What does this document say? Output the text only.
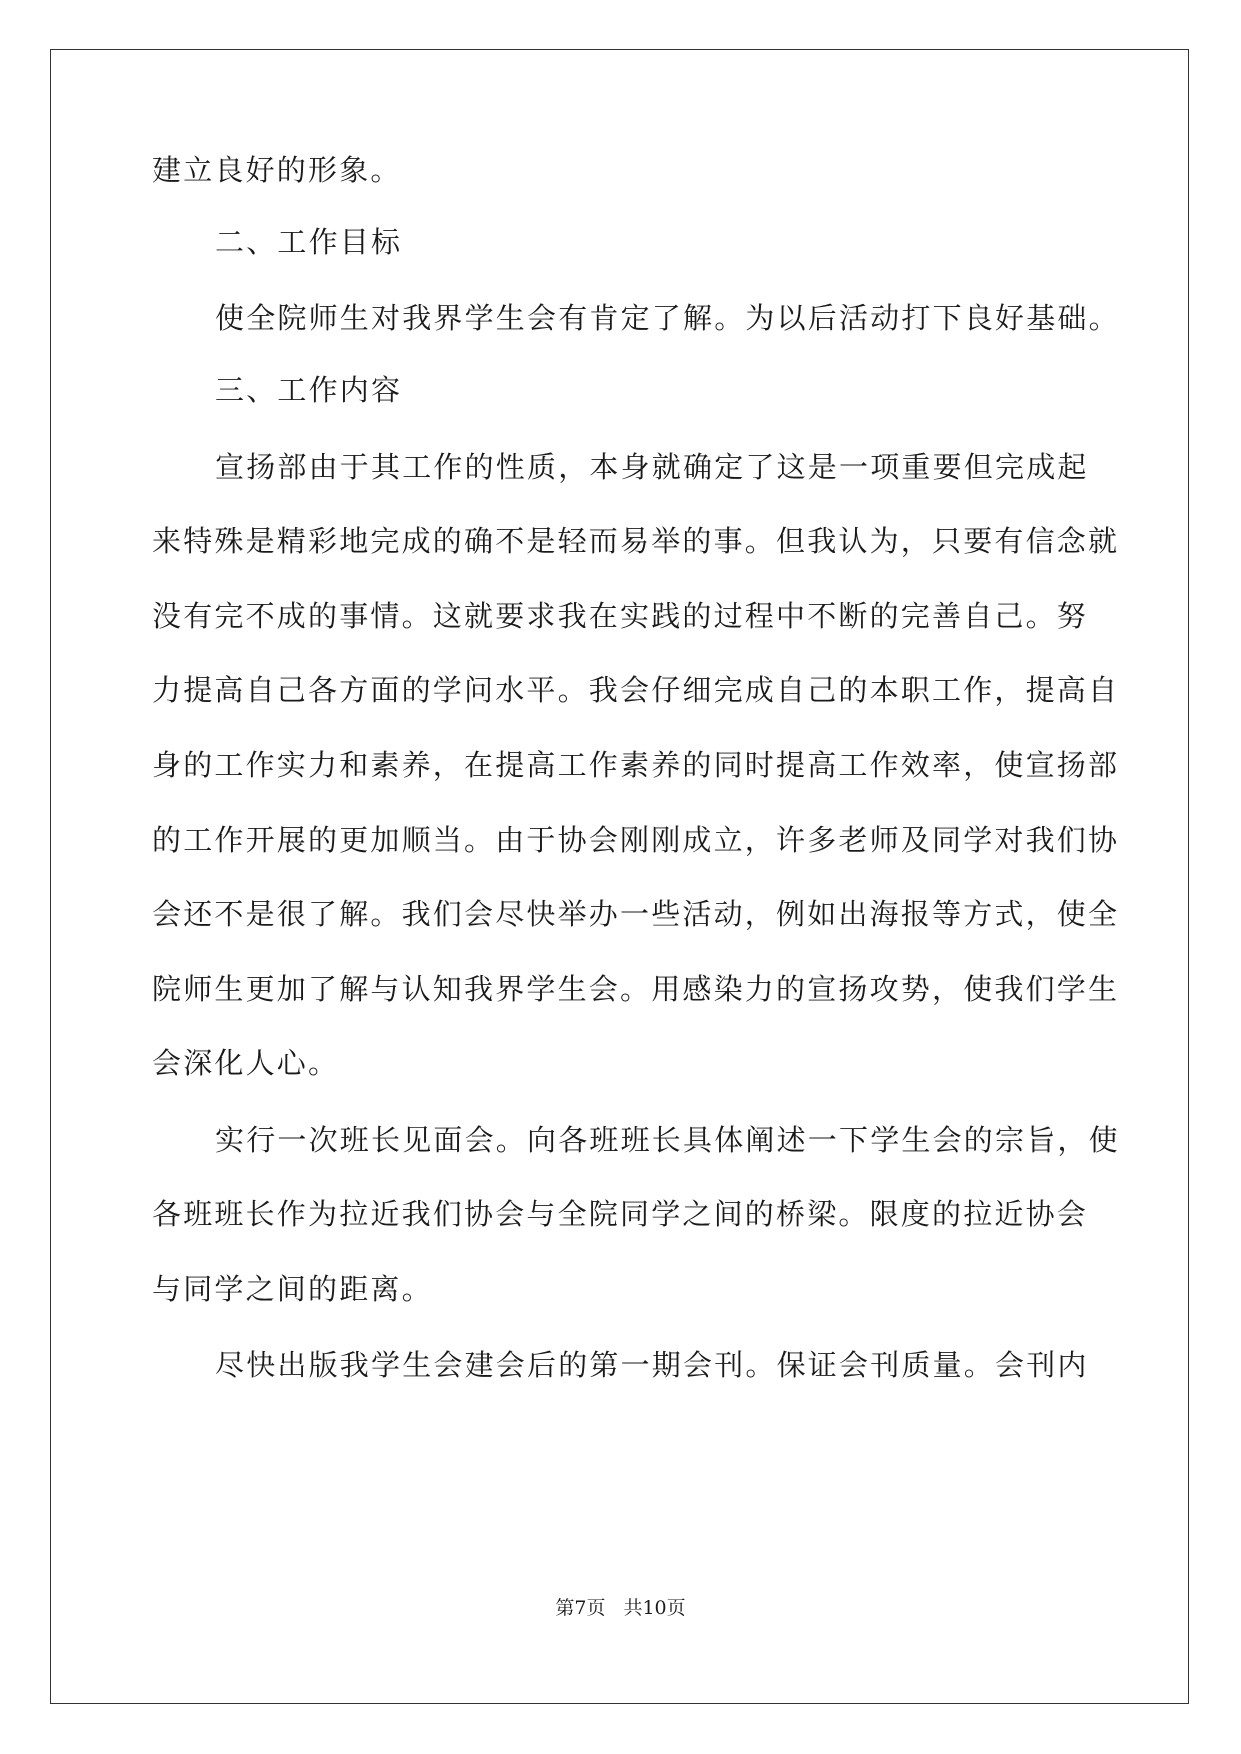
建立良好的形象。
二、工作目标
使全院师生对我界学生会有肯定了解。为以后活动打下良好基础。
三、工作内容
宣扬部由于其工作的性质，本身就确定了这是一项重要但完成起
来特殊是精彩地完成的确不是轻而易举的事。但我认为，只要有信念就
没有完不成的事情。这就要求我在实践的过程中不断的完善自己。努
力提高自己各方面的学问水平。我会仔细完成自己的本职工作，提高自
身的工作实力和素养，在提高工作素养的同时提高工作效率，使宣扬部
的工作开展的更加顺当。由于协会刚刚成立，许多老师及同学对我们协
会还不是很了解。我们会尽快举办一些活动，例如出海报等方式，使全
院师生更加了解与认知我界学生会。用感染力的宣扬攻势，使我们学生
会深化人心。
实行一次班长见面会。向各班班长具体阐述一下学生会的宗旨，使
各班班长作为拉近我们协会与全院同学之间的桥梁。限度的拉近协会
与同学之间的距离。
尽快出版我学生会建会后的第一期会刊。保证会刊质量。会刊内
第7页 共10页
